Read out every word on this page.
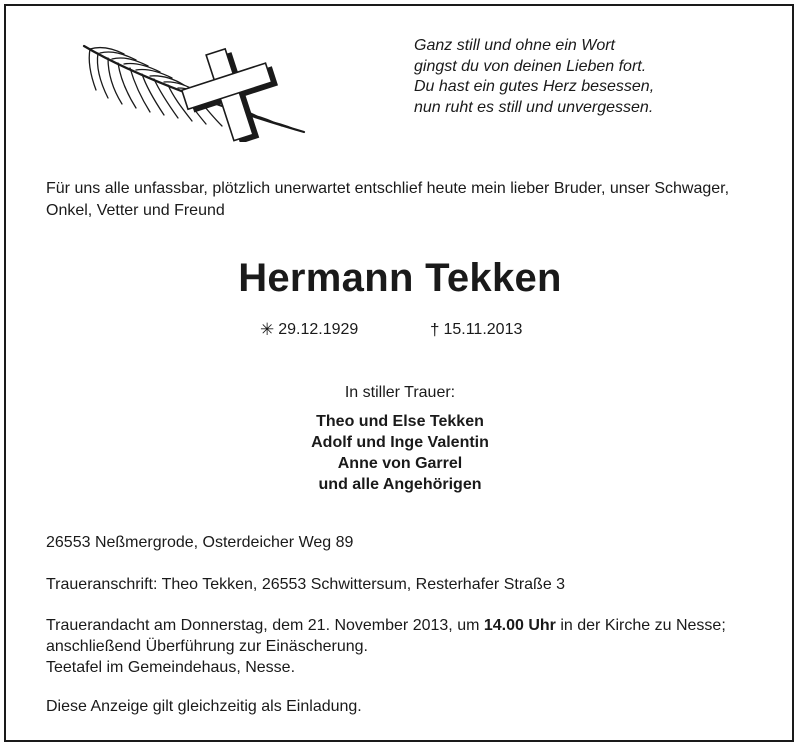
Ganz still und ohne ein Wort
gingst du von deinen Lieben fort.
Du hast ein gutes Herz besessen,
nun ruht es still und unvergessen.
Für uns alle unfassbar, plötzlich unerwartet entschlief heute mein lieber Bruder, unser Schwager, Onkel, Vetter und Freund
Hermann Tekken
✳ 29.12.1929	† 15.11.2013
In stiller Trauer:
Theo und Else Tekken
Adolf und Inge Valentin
Anne von Garrel
und alle Angehörigen
26553 Neßmergrode, Osterdeicher Weg 89
Traueranschrift: Theo Tekken, 26553 Schwittersum, Resterhafer Straße 3
Trauerandacht am Donnerstag, dem 21. November 2013, um 14.00 Uhr in der Kirche zu Nesse; anschließend Überführung zur Einäscherung.
Teetafel im Gemeindehaus, Nesse.
Diese Anzeige gilt gleichzeitig als Einladung.
